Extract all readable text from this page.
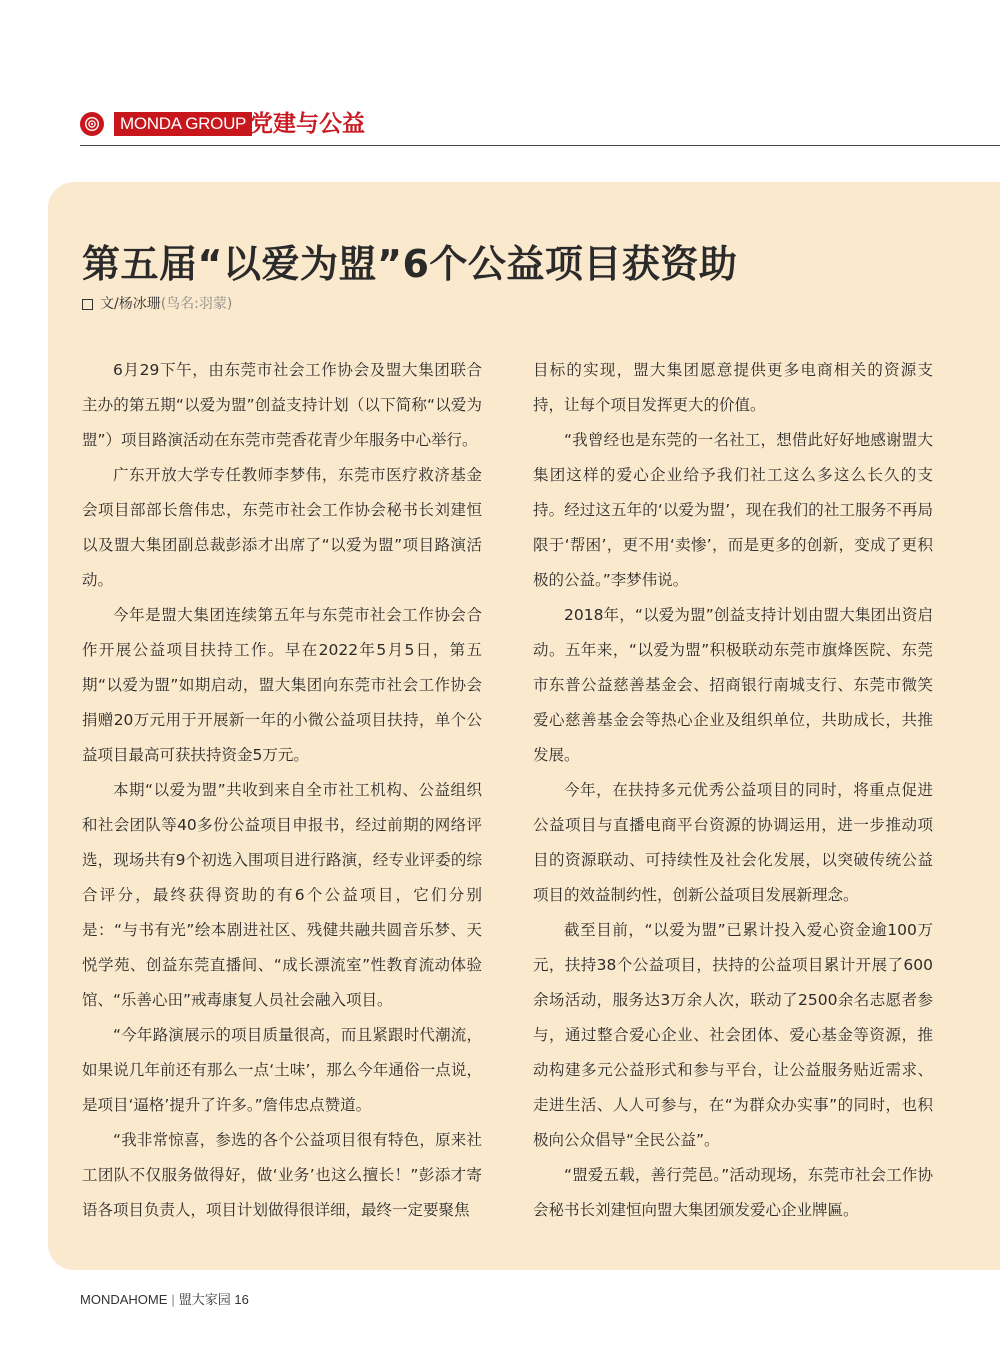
MONDA GROUP 党建与公益
第五届“以爱为盟”6个公益项目获资助
文/杨冰珊 (鸟名:羽蒙)

6月29下午，由东莞市社会工作协会及盟大集团联合主办的第五期“以爱为盟”创益支持计划（以下简称“以爱为盟”）项目路演活动在东莞市莞香花青少年服务中心举行。

广东开放大学专任教师李梦伟，东莞市医疗救济基金会项目部部长詹伟忠，东莞市社会工作协会秘书长刘建恒以及盟大集团副总裁彭添才出席了“以爱为盟”项目路演活动。

今年是盟大集团连续第五年与东莞市社会工作协会合作开展公益项目扶持工作。早在2022年5月5日，第五期“以爱为盟”如期启动，盟大集团向东莞市社会工作协会捐赠20万元用于开展新一年的小微公益项目扶持，单个公益项目最高可获扶持资金5万元。

本期“以爱为盟”共收到来自全市社工机构、公益组织和社会团队等40多份公益项目申报书，经过前期的网络评选，现场共有9个初选入围项目进行路演，经专业评委的综合评分，最终获得资助的有6个公益项目，它们分别是：“与书有光”绘本剧进社区、残健共融共圆音乐梦、天悦学苑、创益东莞直播间、“成长漂流室”性教育流动体验馆、“乐善心田”戒毒康复人员社会融入项目。

“今年路演展示的项目质量很高，而且紧跟时代潮流，如果说几年前还有那么一点‘土味’，那么今年通俗一点说，是项目‘逼格’提升了许多。”詹伟忠点赞道。

“我非常惊喜，参选的各个公益项目很有特色，原来社工团队不仅服务做得好，做‘业务’也这么擅长！”彭添才寄语各项目负责人，项目计划做得很详细，最终一定要聚焦

目标的实现，盟大集团愿意提供更多电商相关的资源支持，让每个项目发挥更大的价值。

“我曾经也是东莞的一名社工，想借此好好地感谢盟大集团这样的爱心企业给予我们社工这么多这么长久的支持。经过这五年的‘以爱为盟’，现在我们的社工服务不再局限于‘帮困’，更不用‘卖惨’，而是更多的创新，变成了更积极的公益。”李梦伟说。

2018年，“以爱为盟”创益支持计划由盟大集团出资启动。五年来，“以爱为盟”积极联动东莞市旗烽医院、东莞市东普公益慈善基金会、招商银行南城支行、东莞市微笑爱心慈善基金会等热心企业及组织单位，共助成长，共推发展。

今年，在扶持多元优秀公益项目的同时，将重点促进公益项目与直播电商平台资源的协调运用，进一步推动项目的资源联动、可持续性及社会化发展，以突破传统公益项目的效益制约性，创新公益项目发展新理念。

截至目前，“以爱为盟”已累计投入爱心资金逾100万元，扶持38个公益项目，扶持的公益项目累计开展了600余场活动，服务达3万余人次，联动了2500余名志愿者参与，通过整合爱心企业、社会团体、爱心基金等资源，推动构建多元公益形式和参与平台，让公益服务贴近需求、走进生活、人人可参与，在“为群众办实事”的同时，也积极向公众倡导“全民公益”。

“盟爱五载，善行莞邑。”活动现场，东莞市社会工作协会秘书长刘建恒向盟大集团颁发爱心企业牌匾。

MONDAHOME | 盟大家园 16
